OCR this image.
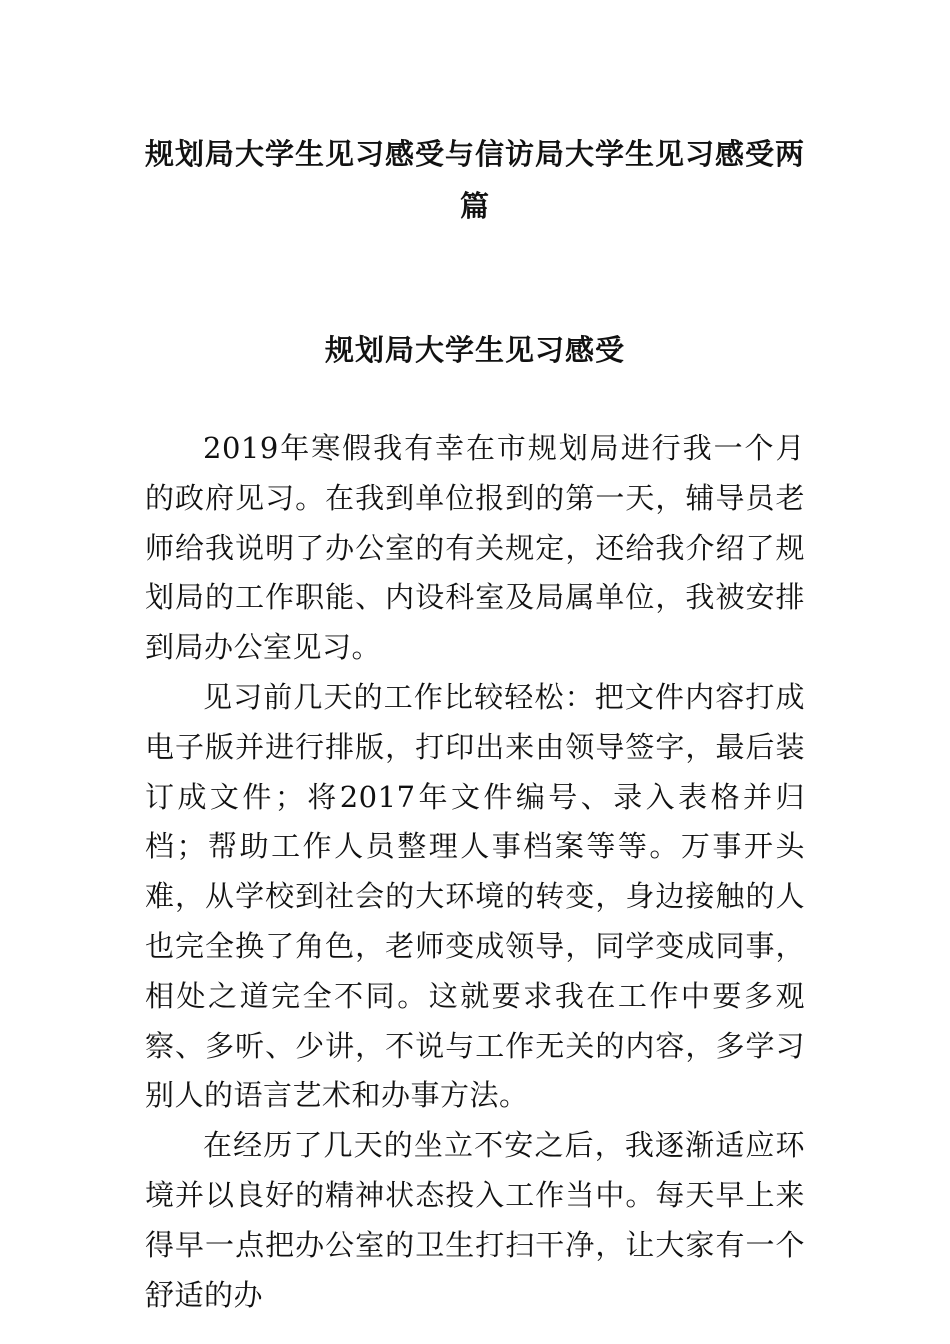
规划局大学生见习感受与信访局大学生见习感受两篇
规划局大学生见习感受

2019年寒假我有幸在市规划局进行我一个月的政府见习。在我到单位报到的第一天，辅导员老师给我说明了办公室的有关规定，还给我介绍了规划局的工作职能、内设科室及局属单位，我被安排到局办公室见习。

见习前几天的工作比较轻松：把文件内容打成电子版并进行排版，打印出来由领导签字，最后装订成文件；将2017年文件编号、录入表格并归档；帮助工作人员整理人事档案等等。万事开头难，从学校到社会的大环境的转变，身边接触的人也完全换了角色，老师变成领导，同学变成同事，相处之道完全不同。这就要求我在工作中要多观察、多听、少讲，不说与工作无关的内容，多学习别人的语言艺术和办事方法。

在经历了几天的坐立不安之后，我逐渐适应环境并以良好的精神状态投入工作当中。每天早上来得早一点把办公室的卫生打扫干净，让大家有一个舒适的办
